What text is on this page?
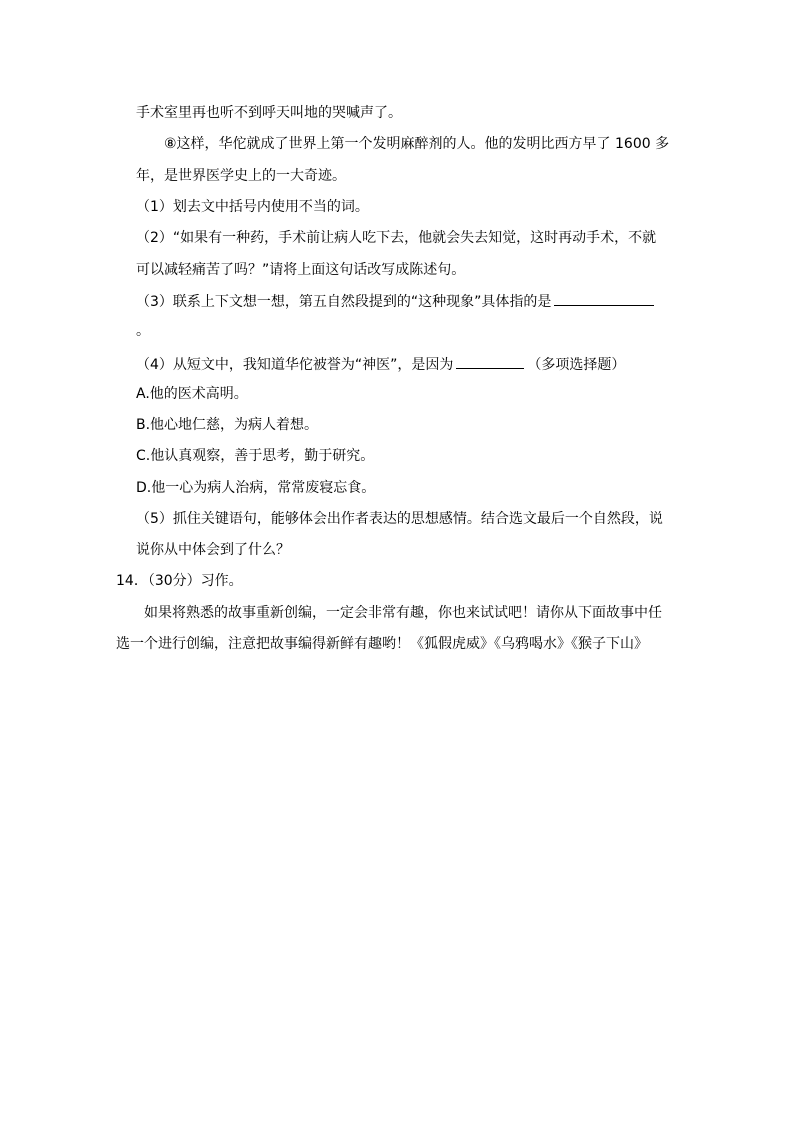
手术室里再也听不到呼天叫地的哭喊声了。
⑧这样，华佗就成了世界上第一个发明麻醉剂的人。他的发明比西方早了 1600 多
年，是世界医学史上的一大奇迹。
（1）划去文中括号内使用不当的词。
（2）“如果有一种药，手术前让病人吃下去，他就会失去知觉，这时再动手术，不就
可以减轻痛苦了吗？”请将上面这句话改写成陈述句。
（3）联系上下文想一想，第五自然段提到的“这种现象”具体指的是
。
（4）从短文中，我知道华佗被誉为“神医”，是因为	（多项选择题）
A.他的医术高明。
B.他心地仁慈，为病人着想。
C.他认真观察，善于思考，勤于研究。
D.他一心为病人治病，常常废寝忘食。
（5）抓住关键语句，能够体会出作者表达的思想感情。结合选文最后一个自然段，说
说你从中体会到了什么？
14．（30分）习作。
如果将熟悉的故事重新创编，一定会非常有趣，你也来试试吧！请你从下面故事中任
选一个进行创编，注意把故事编得新鲜有趣哟！《狐假虎威》《乌鸦喝水》《猴子下山》
